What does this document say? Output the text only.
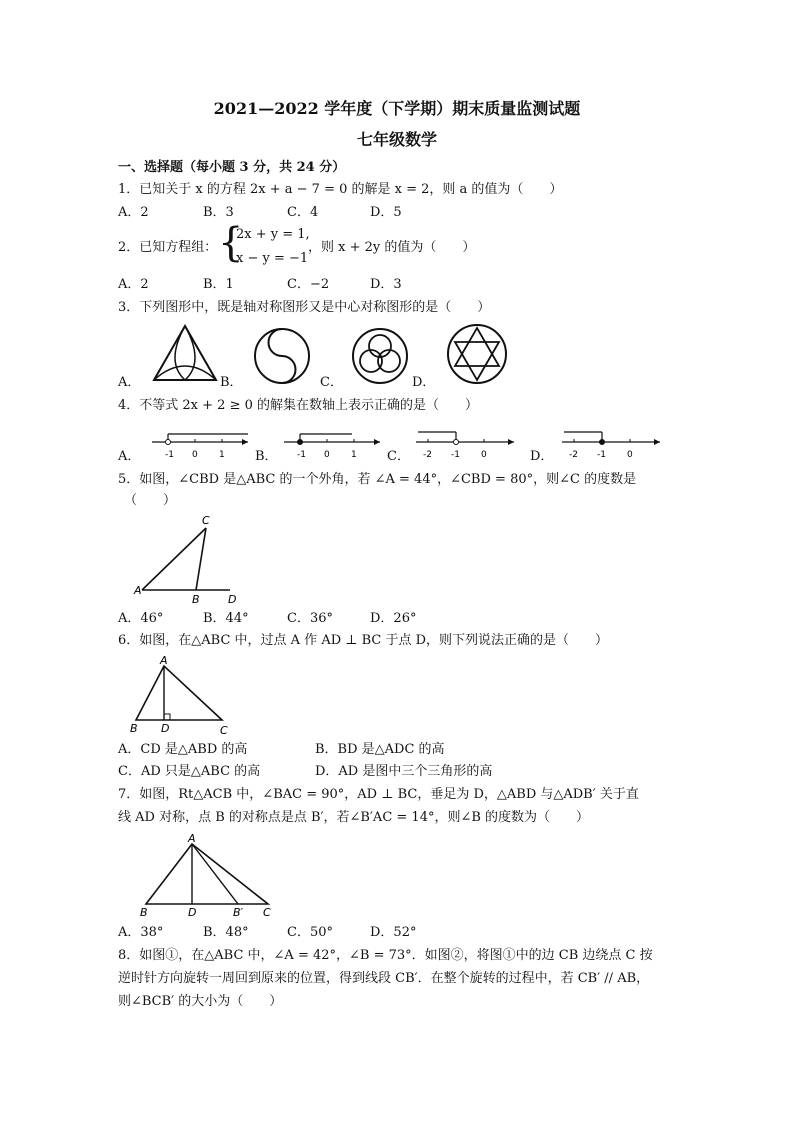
2021—2022 学年度（下学期）期末质量监测试题
七年级数学
一、选择题（每小题 3 分，共 24 分）
1．已知关于 x 的方程 2x + a − 7 = 0 的解是 x = 2，则 a 的值为（　　）
A．2	B．3	C．4	D．5
2．已知方程组： {
2x + y = 1,
x − y = −1
，则 x + 2y 的值为（　　）
A．2	B．1	C．−2	D．3
3．下列图形中，既是轴对称图形又是中心对称图形的是（　　）
A．	B．	C．	D．
4．不等式 2x + 2 ≥ 0 的解集在数轴上表示正确的是（　　）
A．	-1 0 1 B． -1 0 1 C． -2 -1 0	D． -2 -1 0
5．如图，∠CBD 是△ABC 的一个外角，若 ∠A = 44°，∠CBD = 80°，则∠C 的度数是
（　　）
C
A
B	D
A．46°	B．44°	C．36°	D．26°
6．如图，在△ABC 中，过点 A 作 AD ⊥ BC 于点 D，则下列说法正确的是（　　）
A
B D	C
A．CD 是△ABD 的高	B．BD 是△ADC 的高
C．AD 只是△ABC 的高	D．AD 是图中三个三角形的高
7．如图，Rt△ACB 中，∠BAC = 90°，AD ⊥ BC，垂足为 D，△ABD 与△ADB′ 关于直
线 AD 对称，点 B 的对称点是点 B′，若∠B′AC = 14°，则∠B 的度数为（　　）
A
B	D	B′ C
A．38°	B．48°	C．50°	D．52°
8．如图①，在△ABC 中，∠A = 42°，∠B = 73°．如图②，将图①中的边 CB 边绕点 C 按
逆时针方向旋转一周回到原来的位置，得到线段 CB′．在整个旋转的过程中，若 CB′ // AB，
则∠BCB′ 的大小为（　　）
